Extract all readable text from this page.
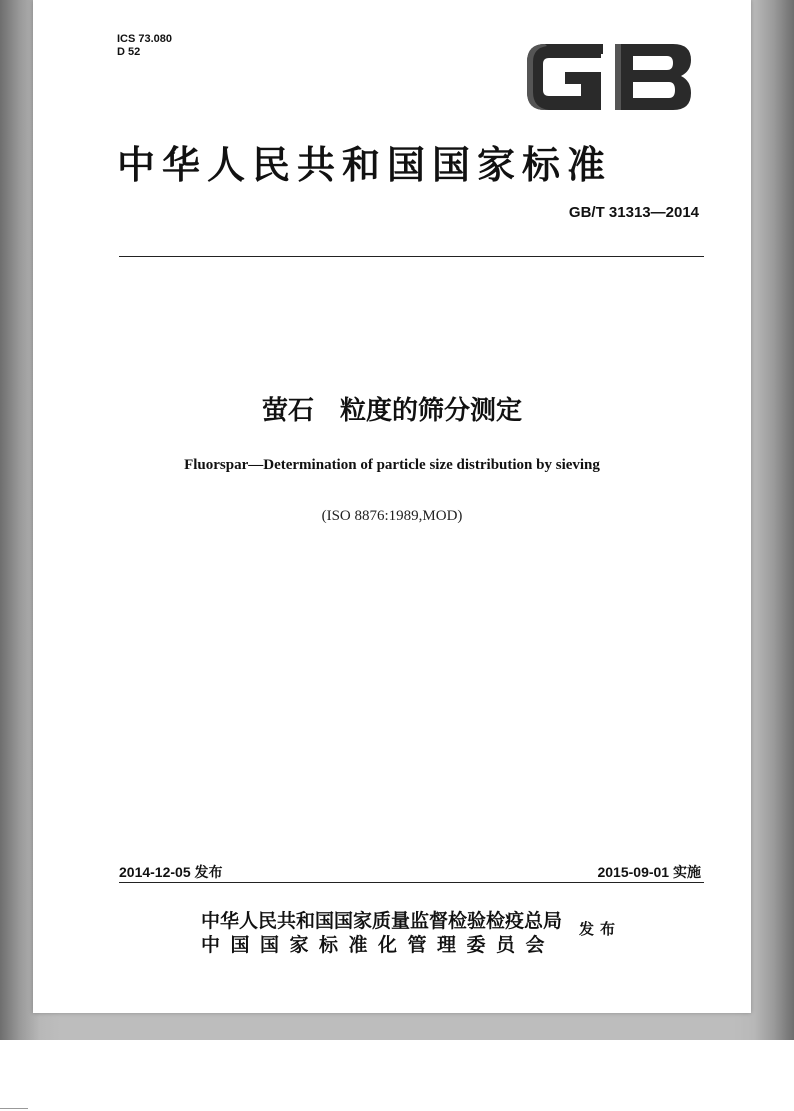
ICS 73.080
D 52
GB
中华人民共和国国家标准
GB/T 31313—2014
萤石　粒度的筛分测定
Fluorspar—Determination of particle size distribution by sieving
(ISO 8876:1989,MOD)
2014-12-05 发布	2015-09-01 实施
中华人民共和国国家质量监督检验检疫总局
中国国家标准化管理委员会
发布
